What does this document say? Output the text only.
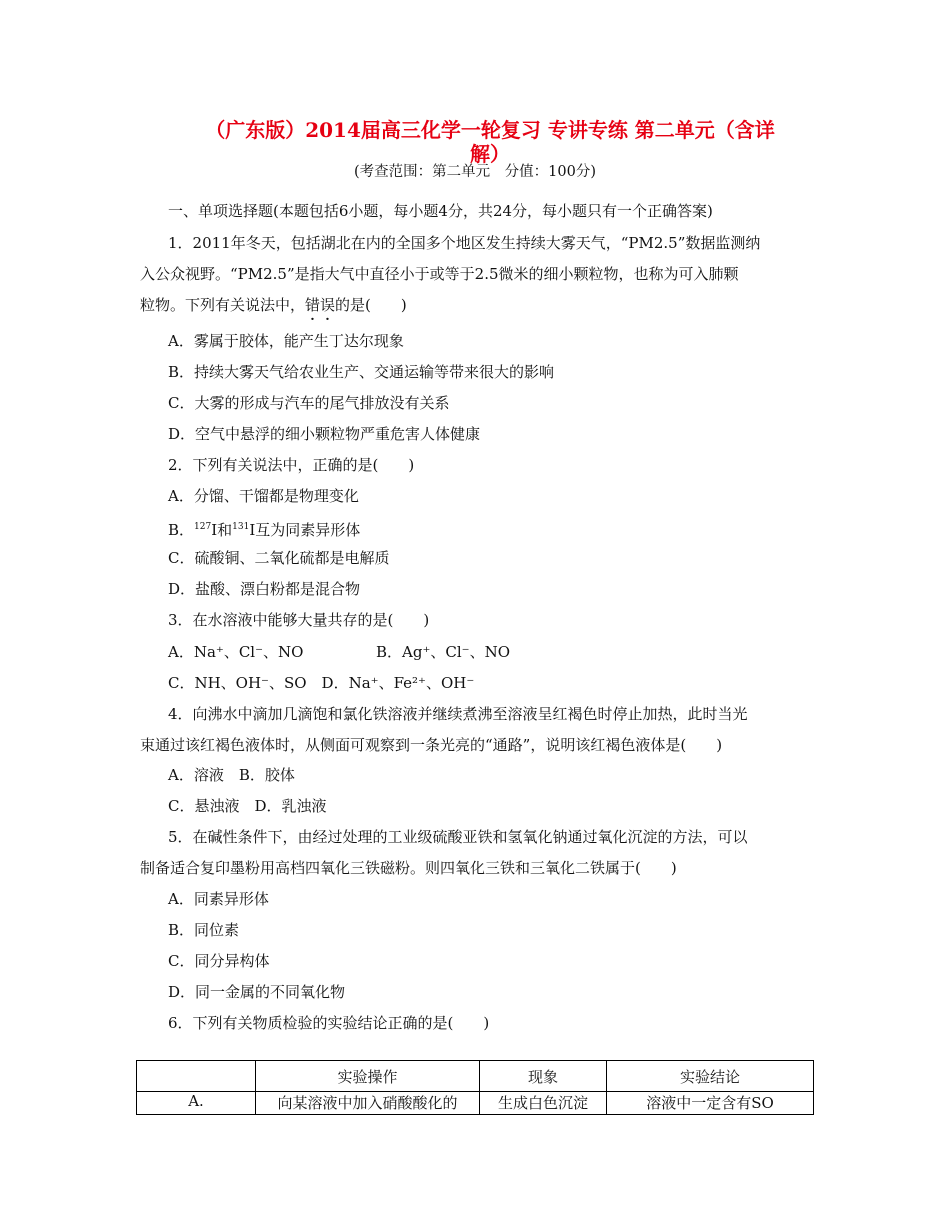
（广东版）2014届高三化学一轮复习 专讲专练 第二单元（含详
解）
(考查范围：第二单元　分值：100分)
一、单项选择题(本题包括6小题，每小题4分，共24分，每小题只有一个正确答案)
1．2011年冬天，包括湖北在内的全国多个地区发生持续大雾天气，“PM2.5”数据监测纳
入公众视野。“PM2.5”是指大气中直径小于或等于2.5微米的细小颗粒物，也称为可入肺颗
粒物。下列有关说法中，错误的是(　　)
A．雾属于胶体，能产生丁达尔现象
B．持续大雾天气给农业生产、交通运输等带来很大的影响
C．大雾的形成与汽车的尾气排放没有关系
D．空气中悬浮的细小颗粒物严重危害人体健康
2．下列有关说法中，正确的是(　　)
A．分馏、干馏都是物理变化
B．$^{127}$I和$^{131}$I互为同素异形体
C．硫酸铜、二氧化硫都是电解质
D．盐酸、漂白粉都是混合物
3．在水溶液中能够大量共存的是(　　)
A．Na⁺、Cl⁻、NO	B．Ag⁺、Cl⁻、NO
C．NH、OH⁻、SO　D．Na⁺、Fe²⁺、OH⁻
4．向沸水中滴加几滴饱和氯化铁溶液并继续煮沸至溶液呈红褐色时停止加热，此时当光
束通过该红褐色液体时，从侧面可观察到一条光亮的“通路”，说明该红褐色液体是(　　)
A．溶液　B．胶体
C．悬浊液　D．乳浊液
5．在碱性条件下，由经过处理的工业级硫酸亚铁和氢氧化钠通过氧化沉淀的方法，可以
制备适合复印墨粉用高档四氧化三铁磁粉。则四氧化三铁和三氧化二铁属于(　　)
A．同素异形体
B．同位素
C．同分异构体
D．同一金属的不同氧化物
6．下列有关物质检验的实验结论正确的是(　　)
	实验操作	现象	实验结论
A.	向某溶液中加入硝酸酸化的	生成白色沉淀	溶液中一定含有SO
